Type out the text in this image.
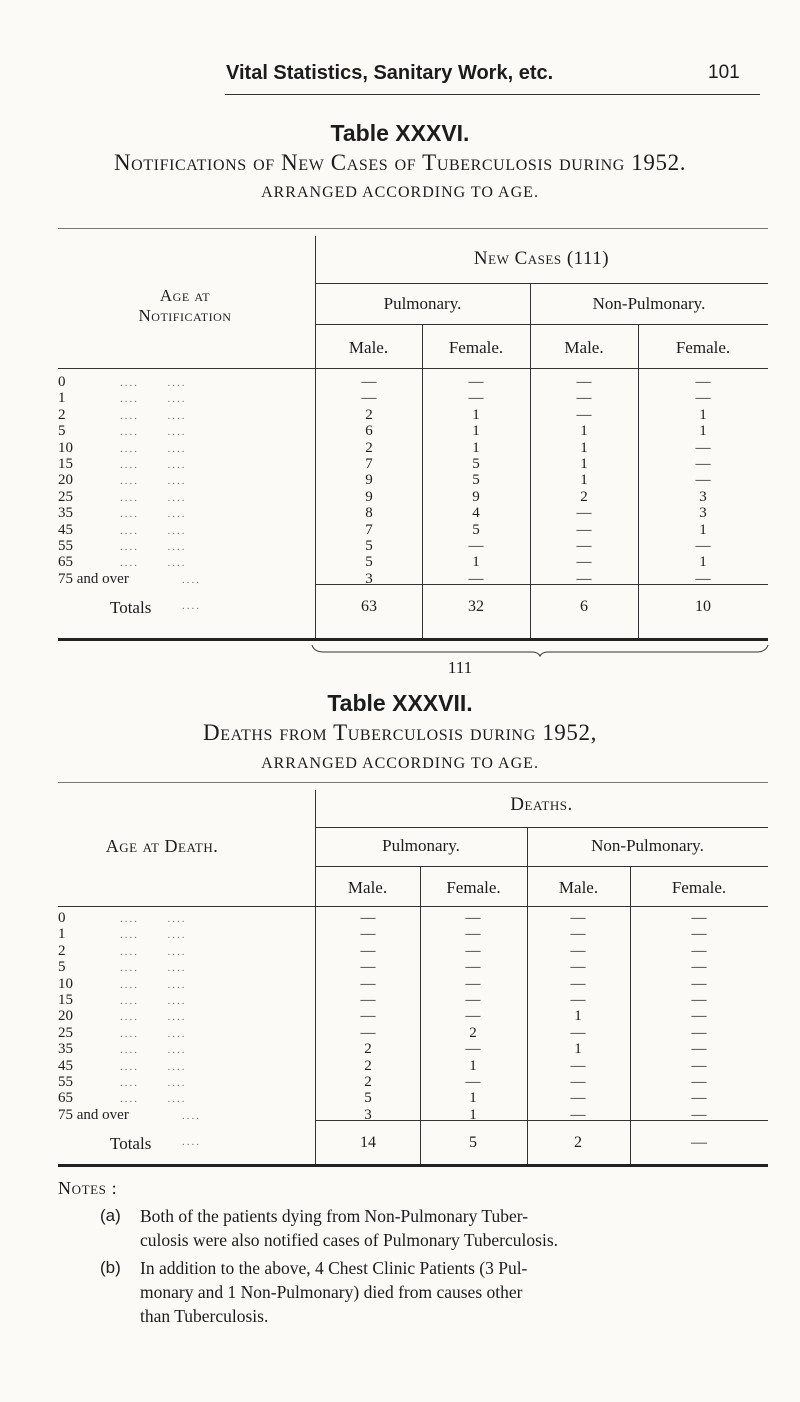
Vital Statistics, Sanitary Work, etc.	101
Table XXXVI.
Notifications of New Cases of Tuberculosis during 1952.
ARRANGED ACCORDING TO AGE.
New Cases (111)
Age at
Notification
Pulmonary.	Non-Pulmonary.
Male.	Female.	Male.	Female.
0	....      ....	—	—	—	—
1	....      ....	—	—	—	—
2	....      ....	2	1	—	1
5	....      ....	6	1	1	1
10	....      ....	2	1	1	—
15	....      ....	7	5	1	—
20	....      ....	9	5	1	—
25	....      ....	9	9	2	3
35	....      ....	8	4	—	3
45	....      ....	7	5	—	1
55	....      ....	5	—	—	—
65	....      ....	5	1	—	1
75 and over	....	3	—	—	—
Totals	....	63	32	6	10
111
Table XXXVII.
Deaths from Tuberculosis during 1952,
ARRANGED ACCORDING TO AGE.
Deaths.
Age at Death.	Pulmonary.	Non-Pulmonary.
Male.	Female.	Male.	Female.
0	....      ....	—	—	—	—
1	....      ....	—	—	—	—
2	....      ....	—	—	—	—
5	....      ....	—	—	—	—
10	....      ....	—	—	—	—
15	....      ....	—	—	—	—
20	....      ....	—	—	1	—
25	....      ....	—	2	—	—
35	....      ....	2	—	1	—
45	....      ....	2	1	—	—
55	....      ....	2	—	—	—
65	....      ....	5	1	—	—
75 and over	....	3	1	—	—
Totals	....	14	5	2	—
Notes :
(a) Both of the patients dying from Non-Pulmonary Tuber-
culosis were also notified cases of Pulmonary Tuberculosis.
(b) In addition to the above, 4 Chest Clinic Patients (3 Pul-
monary and 1 Non-Pulmonary) died from causes other
than Tuberculosis.
